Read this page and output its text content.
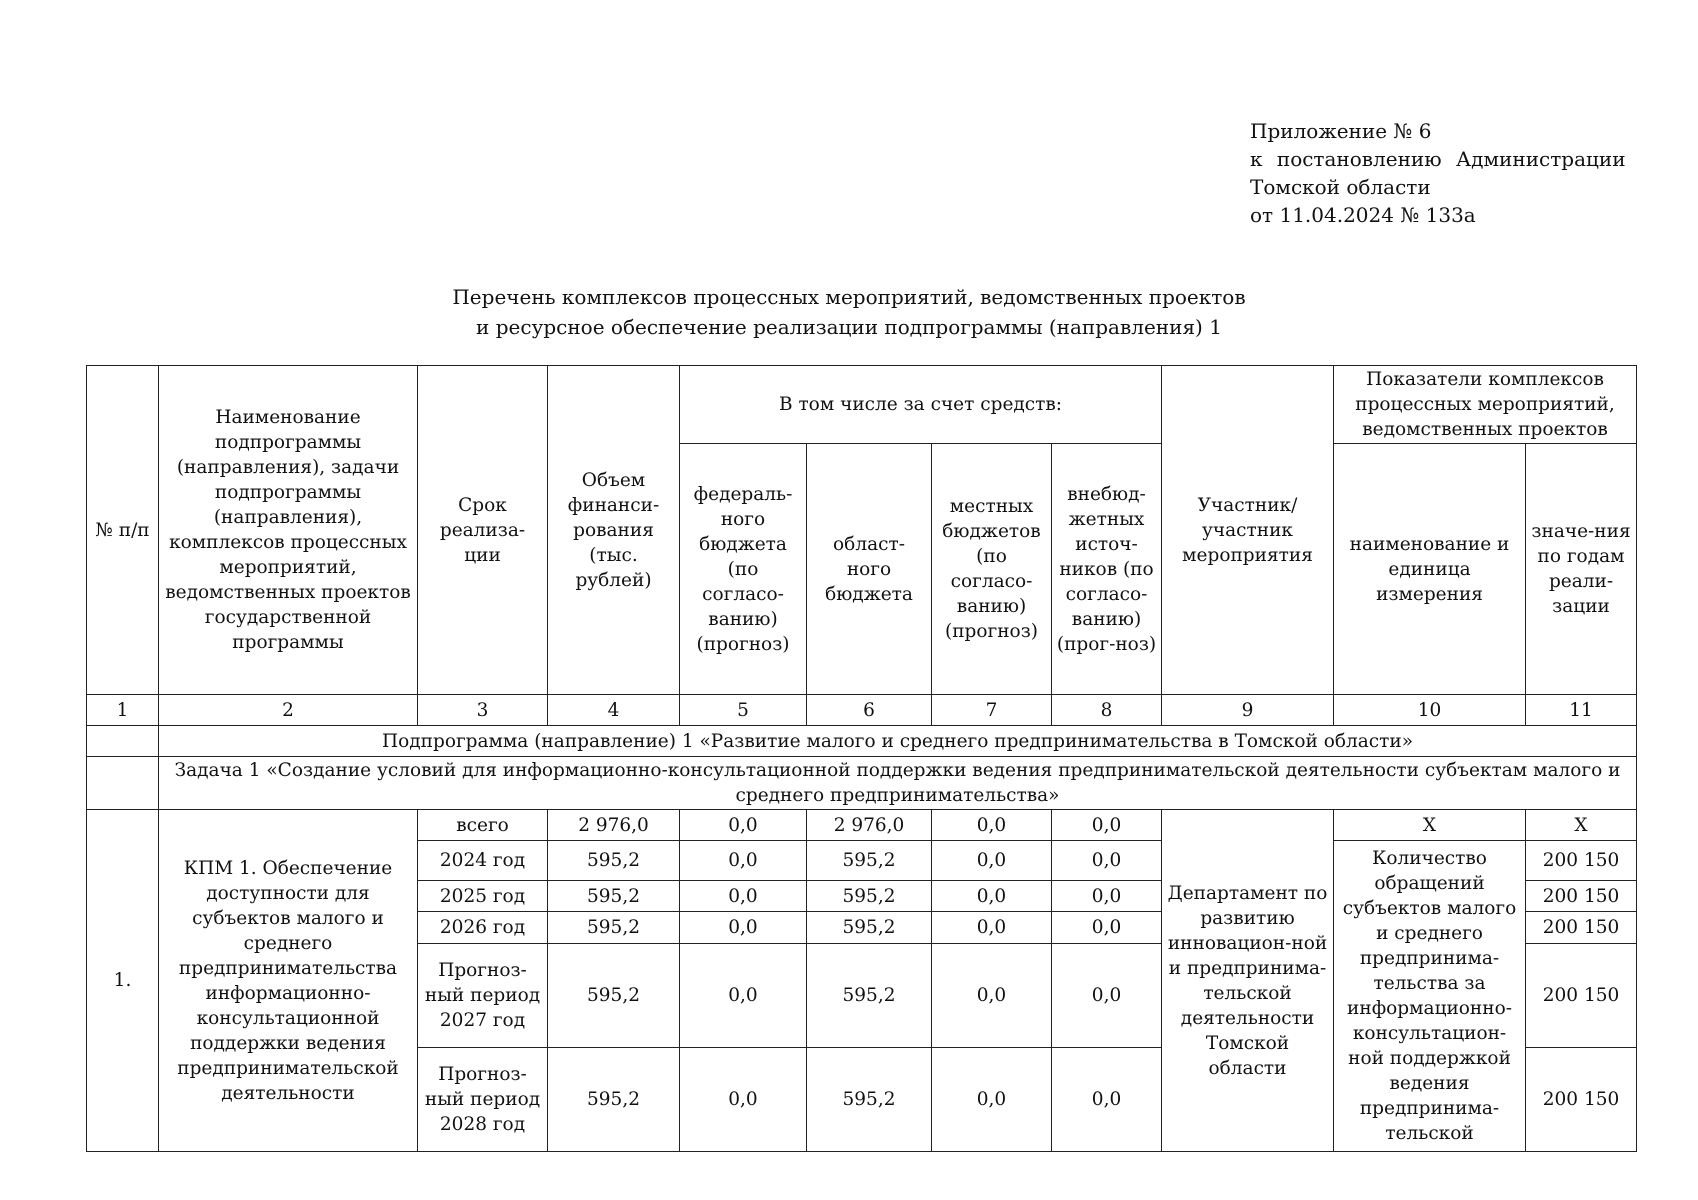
Приложение № 6
к постановлению Администрации
Томской области
от 11.04.2024 № 133а
Перечень комплексов процессных мероприятий, ведомственных проектов
и ресурсное обеспечение реализации подпрограммы (направления) 1
№ п/п	Наименование подпрограммы (направления), задачи подпрограммы (направления), комплексов процессных мероприятий, ведомственных проектов государственной программы	Срок реализа-ции	Объем финанси-рования (тыс. рублей)	В том числе за счет средств:				Участник/ участник мероприятия	Показатели комплексов процессных мероприятий, ведомственных проектов	
				федераль-ного бюджета (по согласо-ванию) (прогноз)	област-ного бюджета	местных бюджетов (по согласо-ванию) (прогноз)	внебюд-жетных источ-ников (по согласо-ванию) (прог-ноз)		наименование и единица измерения	значе-ния по годам реали-зации
1	2	3	4	5	6	7	8	9	10	11
	Подпрограмма (направление) 1 «Развитие малого и среднего предпринимательства в Томской области»									
	Задача 1 «Создание условий для информационно-консультационной поддержки ведения предпринимательской деятельности субъектам малого и среднего предпринимательства»									
1.	КПМ 1. Обеспечение доступности для субъектов малого и среднего предпринимательства информационно-консультационной поддержки ведения предпринимательской деятельности	всего	2 976,0	0,0	2 976,0	0,0	0,0	Департамент по развитию инновацион-ной и предпринима-тельской деятельности Томской области	X	X
		2024 год	595,2	0,0	595,2	0,0	0,0		Количество обращений субъектов малого и среднего предпринима-тельства за информационно-консультацион-ной поддержкой ведения предпринима-тельской	200 150
		2025 год	595,2	0,0	595,2	0,0	0,0			200 150
		2026 год	595,2	0,0	595,2	0,0	0,0			200 150
		Прогноз-ный период 2027 год	595,2	0,0	595,2	0,0	0,0			200 150
		Прогноз-ный период 2028 год	595,2	0,0	595,2	0,0	0,0			200 150
